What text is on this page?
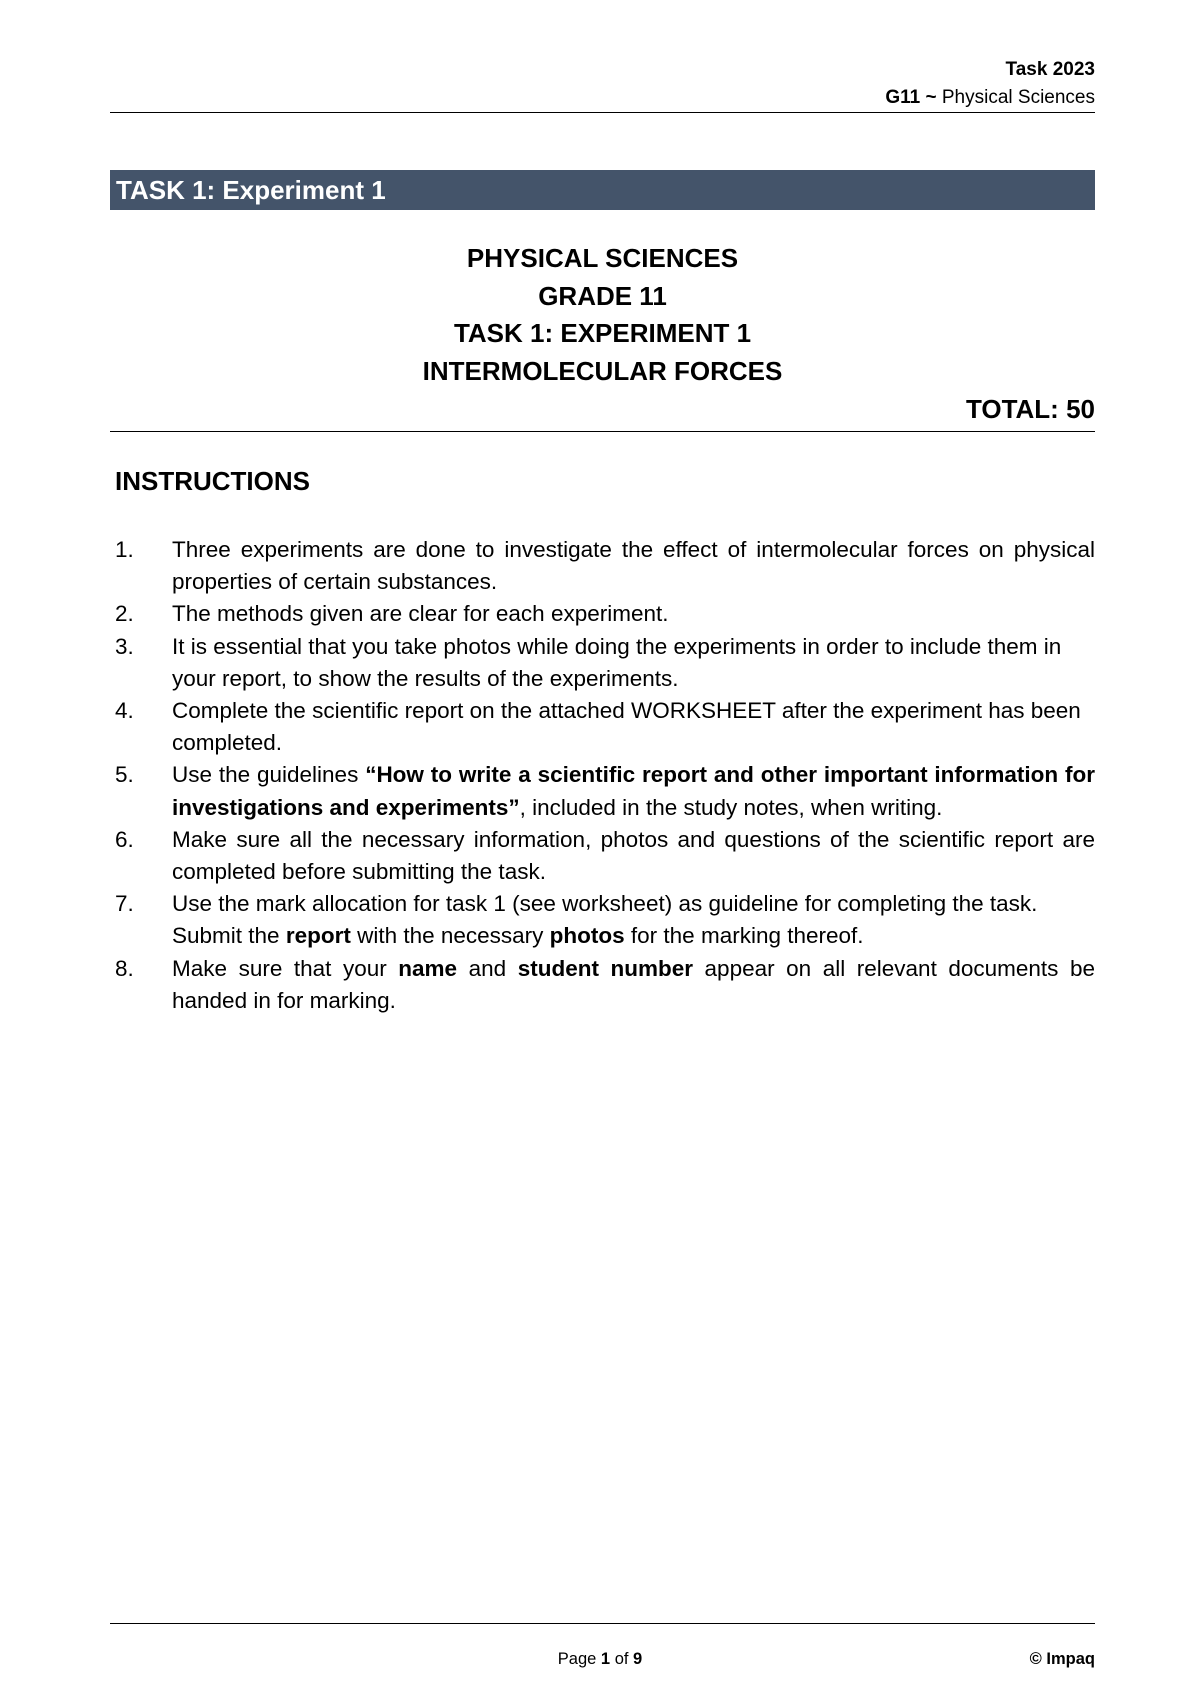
Task 2023
G11 ~ Physical Sciences
TASK 1: Experiment 1
PHYSICAL SCIENCES
GRADE 11
TASK 1: EXPERIMENT 1
INTERMOLECULAR FORCES
TOTAL: 50
INSTRUCTIONS
1. Three experiments are done to investigate the effect of intermolecular forces on physical properties of certain substances.
2. The methods given are clear for each experiment.
3. It is essential that you take photos while doing the experiments in order to include them in your report, to show the results of the experiments.
4. Complete the scientific report on the attached WORKSHEET after the experiment has been completed.
5. Use the guidelines “How to write a scientific report and other important information for investigations and experiments”, included in the study notes, when writing.
6. Make sure all the necessary information, photos and questions of the scientific report are completed before submitting the task.
7. Use the mark allocation for task 1 (see worksheet) as guideline for completing the task.
Submit the report with the necessary photos for the marking thereof.
8. Make sure that your name and student number appear on all relevant documents be handed in for marking.
Page 1 of 9	© Impaq
